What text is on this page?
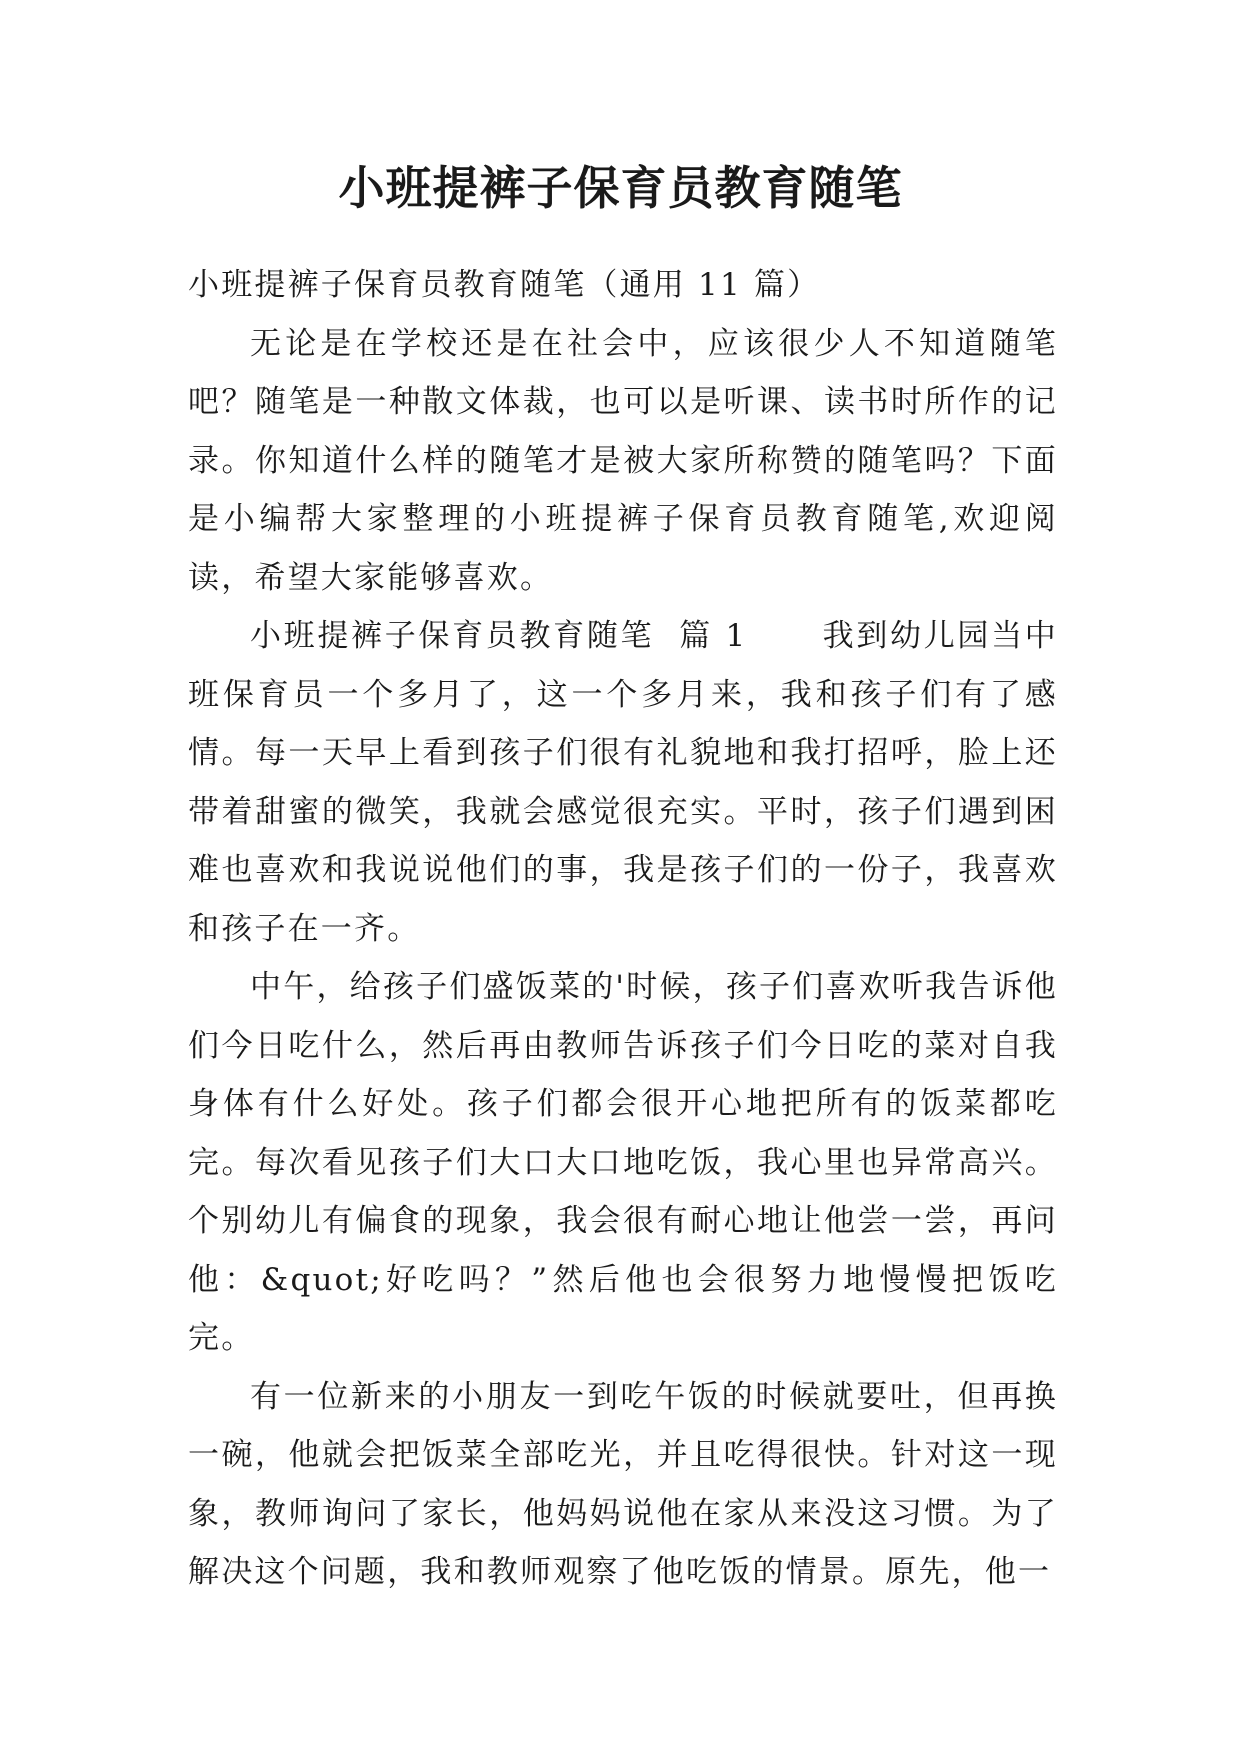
小班提裤子保育员教育随笔

小班提裤子保育员教育随笔（通用 11 篇）

无论是在学校还是在社会中，应该很少人不知道随笔吧？随笔是一种散文体裁，也可以是听课、读书时所作的记录。你知道什么样的随笔才是被大家所称赞的随笔吗？下面是小编帮大家整理的小班提裤子保育员教育随笔,欢迎阅读，希望大家能够喜欢。

小班提裤子保育员教育随笔  篇 1      我到幼儿园当中班保育员一个多月了，这一个多月来，我和孩子们有了感情。每一天早上看到孩子们很有礼貌地和我打招呼，脸上还带着甜蜜的微笑，我就会感觉很充实。平时，孩子们遇到困难也喜欢和我说说他们的事，我是孩子们的一份子，我喜欢和孩子在一齐。

中午，给孩子们盛饭菜的'时候，孩子们喜欢听我告诉他们今日吃什么，然后再由教师告诉孩子们今日吃的菜对自我身体有什么好处。孩子们都会很开心地把所有的饭菜都吃完。每次看见孩子们大口大口地吃饭，我心里也异常高兴。个别幼儿有偏食的现象，我会很有耐心地让他尝一尝，再问他：&quot;好吃吗？”然后他也会很努力地慢慢把饭吃完。

有一位新来的小朋友一到吃午饭的时候就要吐，但再换一碗，他就会把饭菜全部吃光，并且吃得很快。针对这一现象，教师询问了家长，他妈妈说他在家从来没这习惯。为了解决这个问题，我和教师观察了他吃饭的情景。原先，他一
